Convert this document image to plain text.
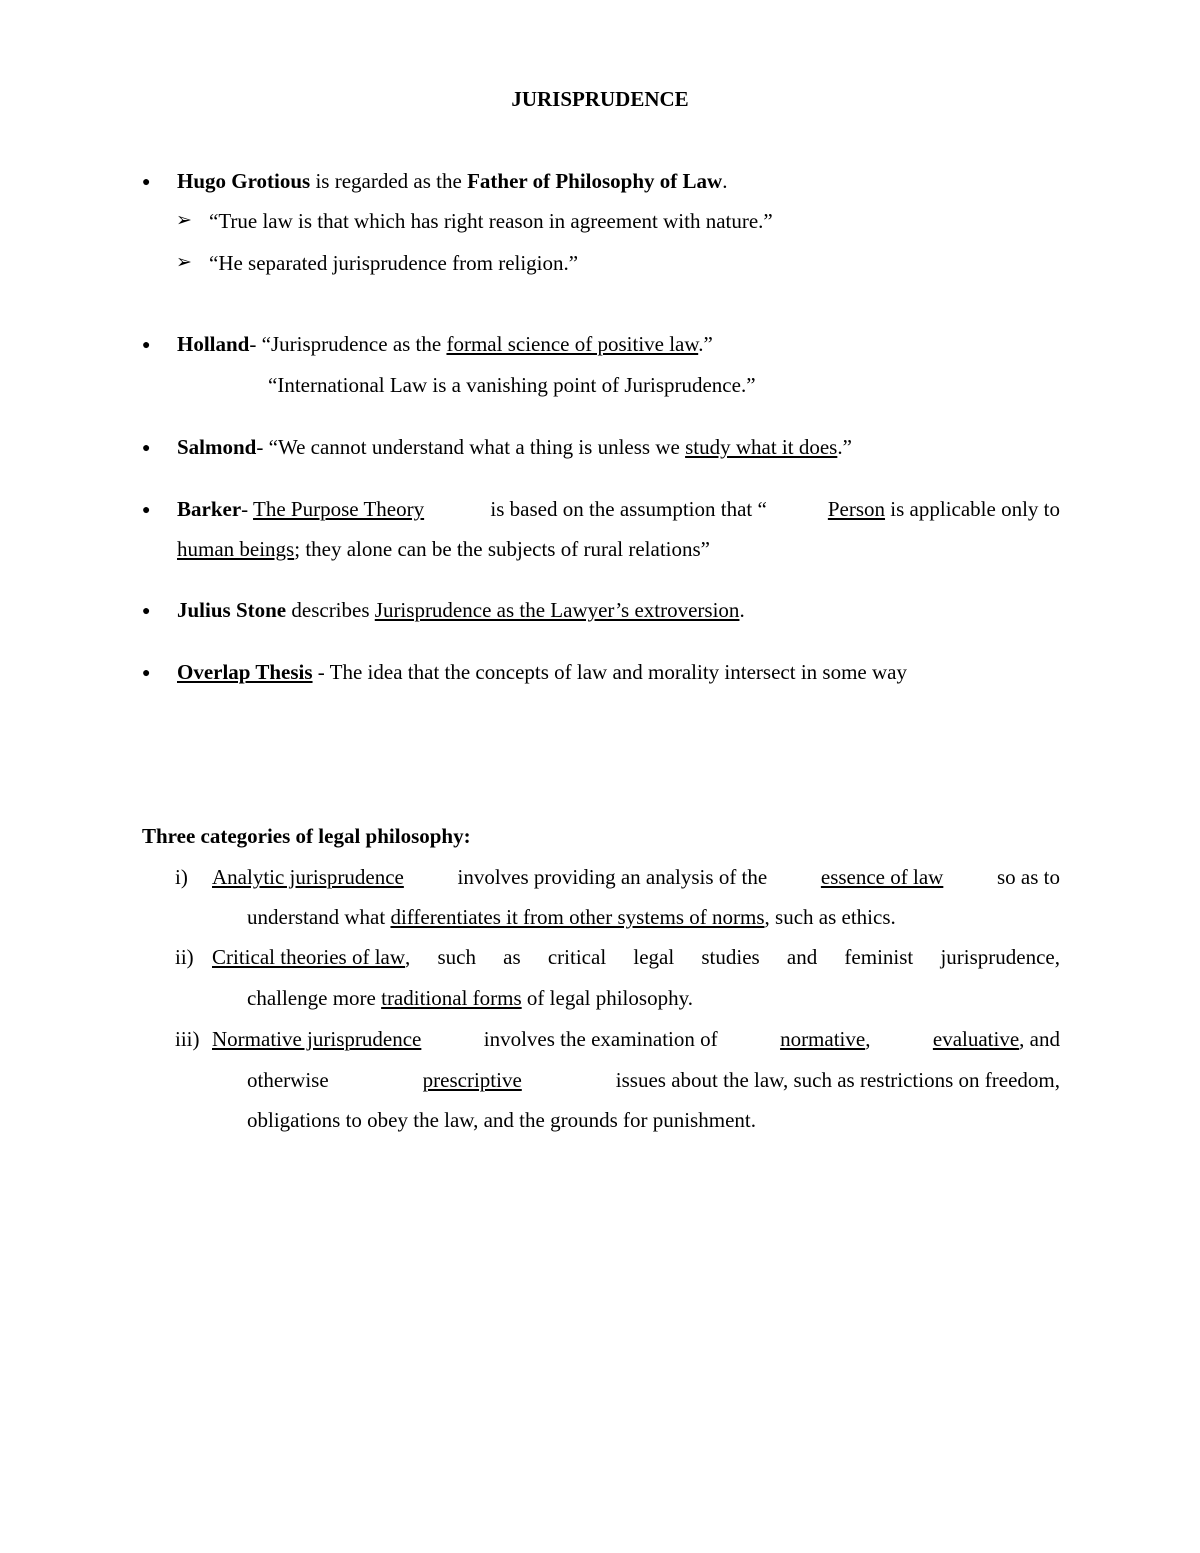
JURISPRUDENCE
● Hugo Grotious is regarded as the Father of Philosophy of Law.
➢ “True law is that which has right reason in agreement with nature.”
➢ “He separated jurisprudence from religion.”
● Holland- “Jurisprudence as the formal science of positive law.”
“International Law is a vanishing point of Jurisprudence.”
● Salmond- “We cannot understand what a thing is unless we study what it does.”
● Barker- The Purpose Theory	is based on the assumption that “	Person is applicable only to
human beings; they alone can be the subjects of rural relations”
● Julius Stone describes Jurisprudence as the Lawyer’s extroversion.
● Overlap Thesis - The idea that the concepts of law and morality intersect in some way
Three categories of legal philosophy:
i) Analytic jurisprudence	involves providing an analysis of the	essence of law	so as to
understand what differentiates it from other systems of norms, such as ethics.
ii) Critical theories of law , such as critical legal studies and feminist jurisprudence,
challenge more traditional forms of legal philosophy.
iii) Normative jurisprudence	involves the examination of	normative,	evaluative, and
otherwise	prescriptive	issues about the law, such as restrictions on freedom,
obligations to obey the law, and the grounds for punishment.
